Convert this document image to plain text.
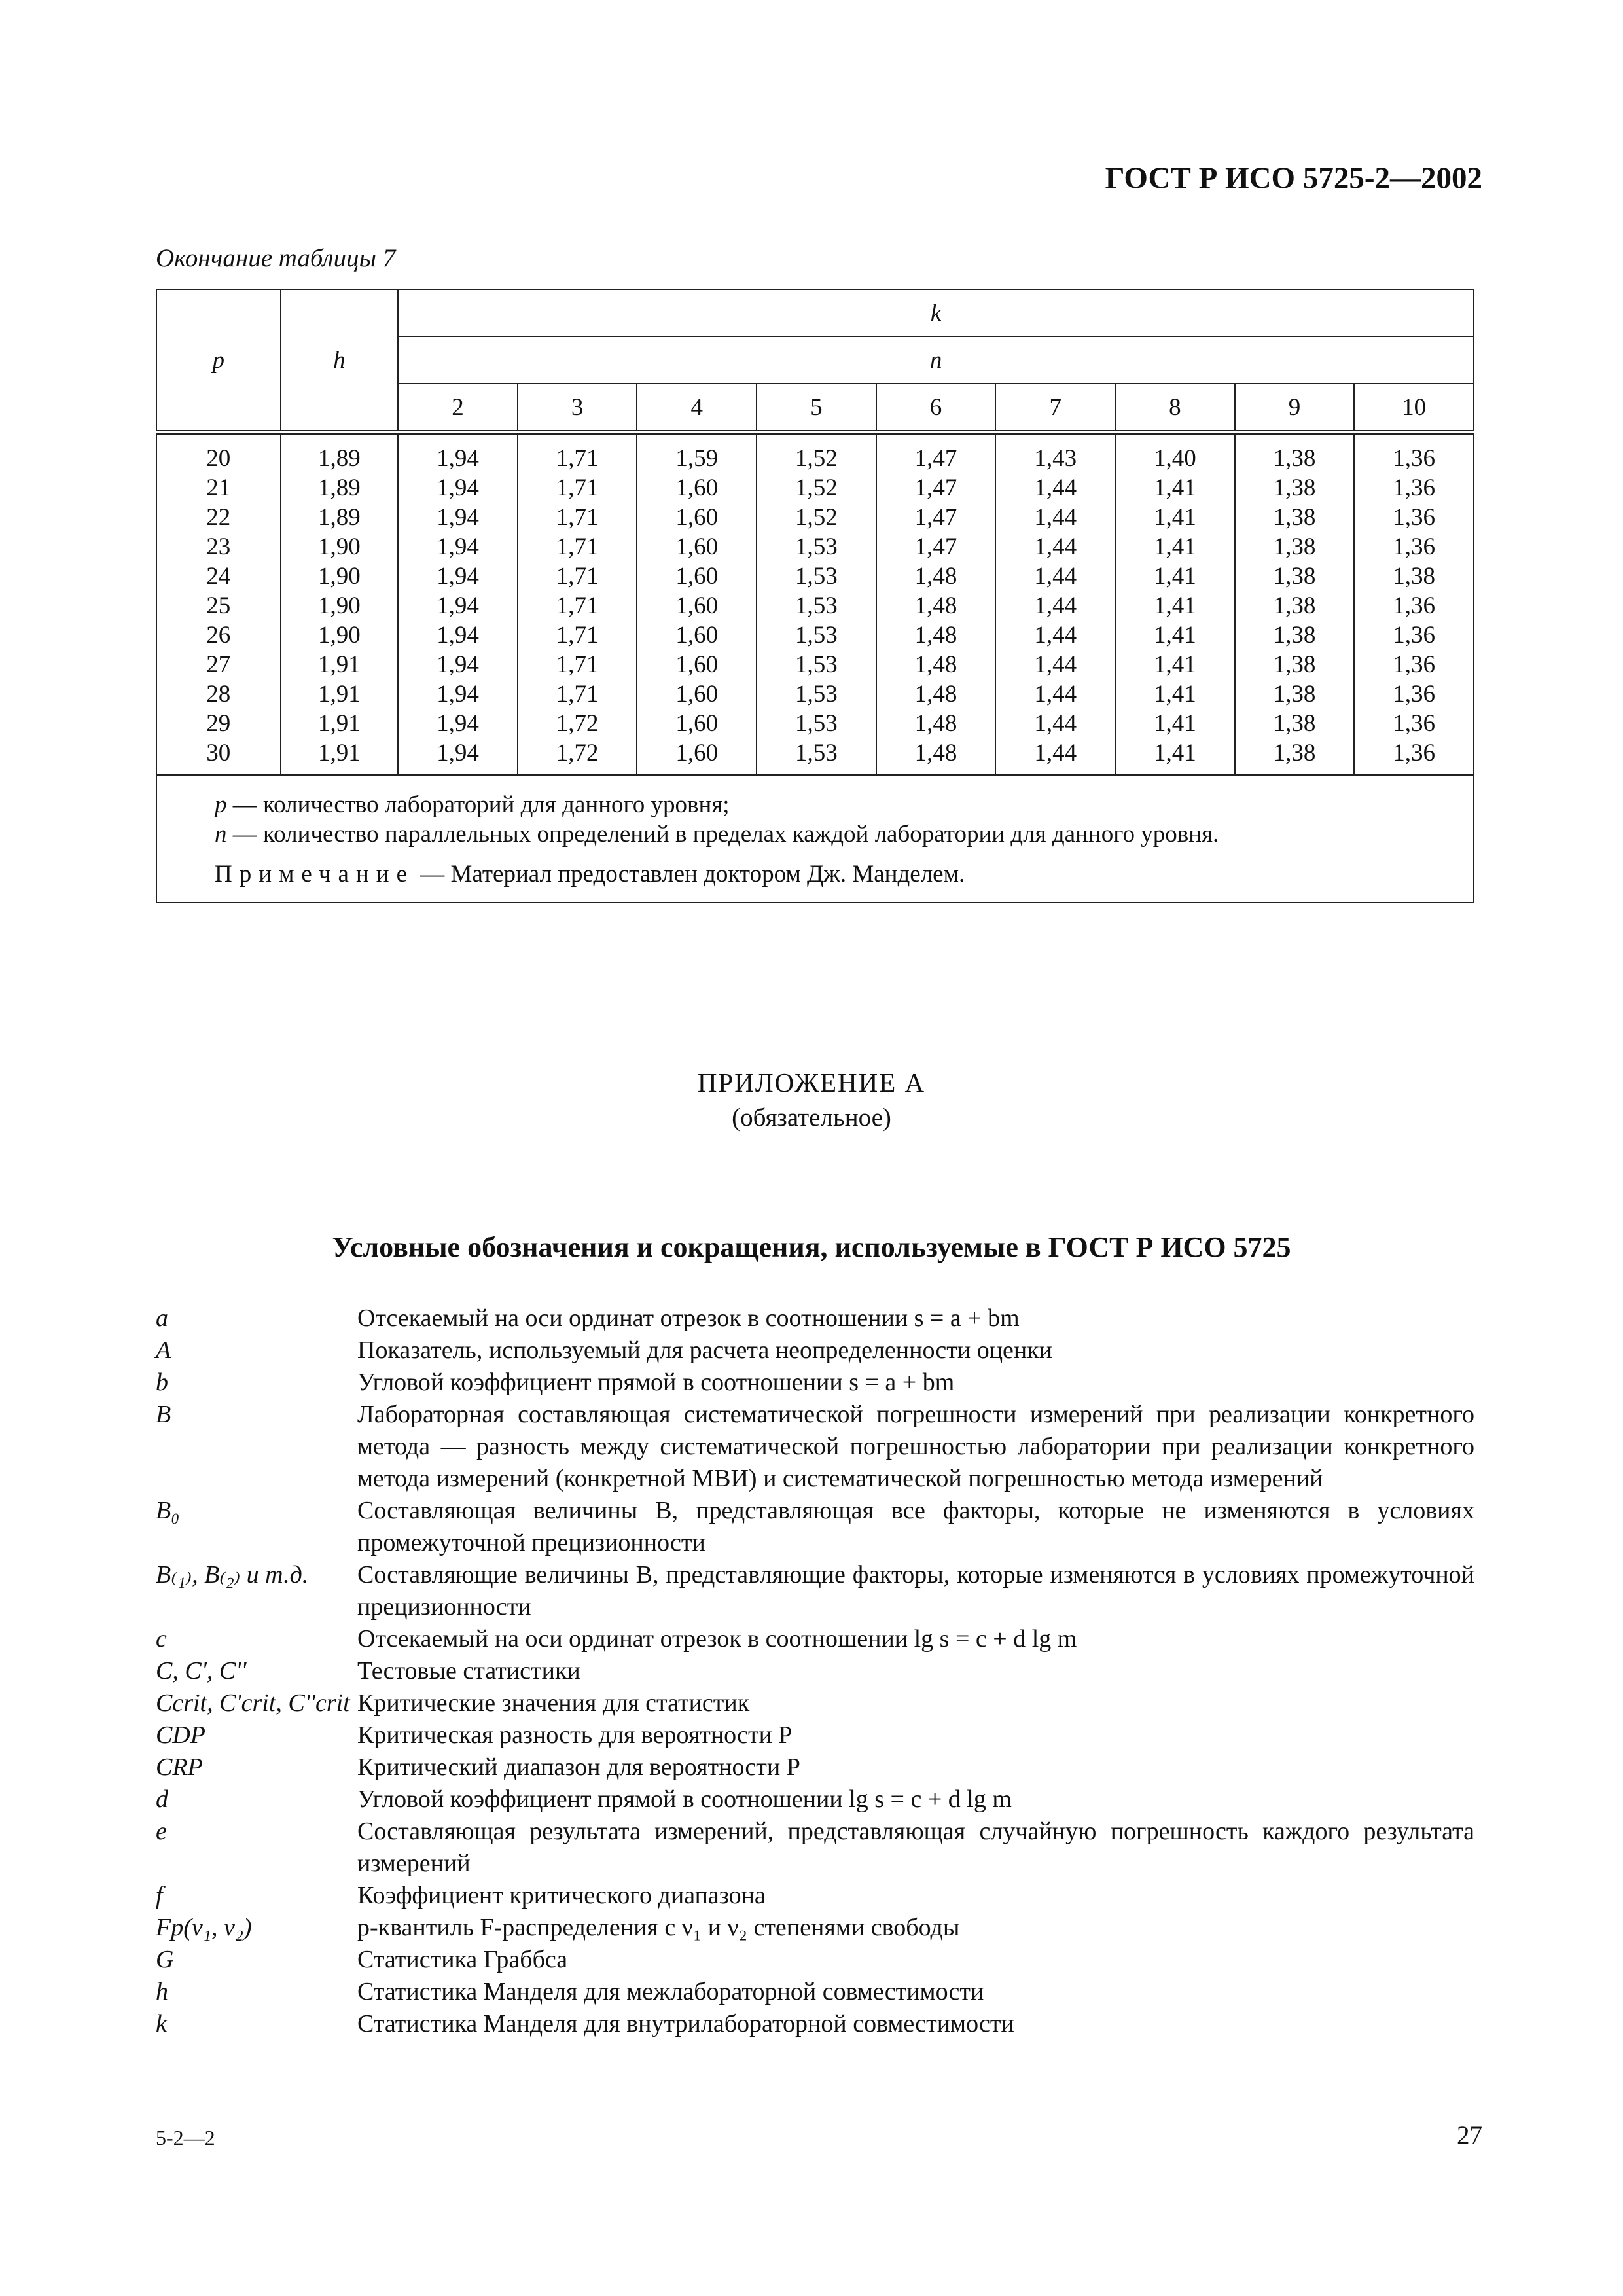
ГОСТ Р ИСО 5725-2—2002
Окончание таблицы 7
p	h	k								
		n								
		2	3	4	5	6	7	8	9	10
20	1,89	1,94	1,71	1,59	1,52	1,47	1,43	1,40	1,38	1,36
21	1,89	1,94	1,71	1,60	1,52	1,47	1,44	1,41	1,38	1,36
22	1,89	1,94	1,71	1,60	1,52	1,47	1,44	1,41	1,38	1,36
23	1,90	1,94	1,71	1,60	1,53	1,47	1,44	1,41	1,38	1,36
24	1,90	1,94	1,71	1,60	1,53	1,48	1,44	1,41	1,38	1,38
25	1,90	1,94	1,71	1,60	1,53	1,48	1,44	1,41	1,38	1,36
26	1,90	1,94	1,71	1,60	1,53	1,48	1,44	1,41	1,38	1,36
27	1,91	1,94	1,71	1,60	1,53	1,48	1,44	1,41	1,38	1,36
28	1,91	1,94	1,71	1,60	1,53	1,48	1,44	1,41	1,38	1,36
29	1,91	1,94	1,72	1,60	1,53	1,48	1,44	1,41	1,38	1,36
30	1,91	1,94	1,72	1,60	1,53	1,48	1,44	1,41	1,38	1,36

p — количество лабораторий для данного уровня;
n — количество параллельных определений в пределах каждой лаборатории для данного уровня.
Примечание — Материал предоставлен доктором Дж. Манделем.										
ПРИЛОЖЕНИЕ А
(обязательное)
Условные обозначения и сокращения, используемые в ГОСТ Р ИСО 5725
a	Отсекаемый на оси ординат отрезок в соотношении s = a + bm
A	Показатель, используемый для расчета неопределенности оценки
b	Угловой коэффициент прямой в соотношении s = a + bm
B	Лабораторная составляющая систематической погрешности измерений при реализации конкретного метода — разность между систематической погрешностью лаборатории при реализации конкретного метода измерений (конкретной МВИ) и систематической погрешностью метода измерений
B₀	Составляющая величины B, представляющая все факторы, которые не изменяются в условиях промежуточной прецизионности
B₍₁₎, B₍₂₎ и т.д.	Составляющие величины B, представляющие факторы, которые изменяются в условиях промежуточной прецизионности
c	Отсекаемый на оси ординат отрезок в соотношении lg s = c + d lg m
C, C', C''	Тестовые статистики
Ccrit, C'crit, C''crit Критические значения для статистик
CDP	Критическая разность для вероятности P
CRP	Критический диапазон для вероятности P
d	Угловой коэффициент прямой в соотношении lg s = c + d lg m
e	Составляющая результата измерений, представляющая случайную погрешность каждого результата измерений
f	Коэффициент критического диапазона
Fp(ν₁, ν₂)	p-квантиль F-распределения с ν₁ и ν₂ степенями свободы
G	Статистика Граббса
h	Статистика Манделя для межлабораторной совместимости
k	Статистика Манделя для внутрилабораторной совместимости
5-2—2	27
